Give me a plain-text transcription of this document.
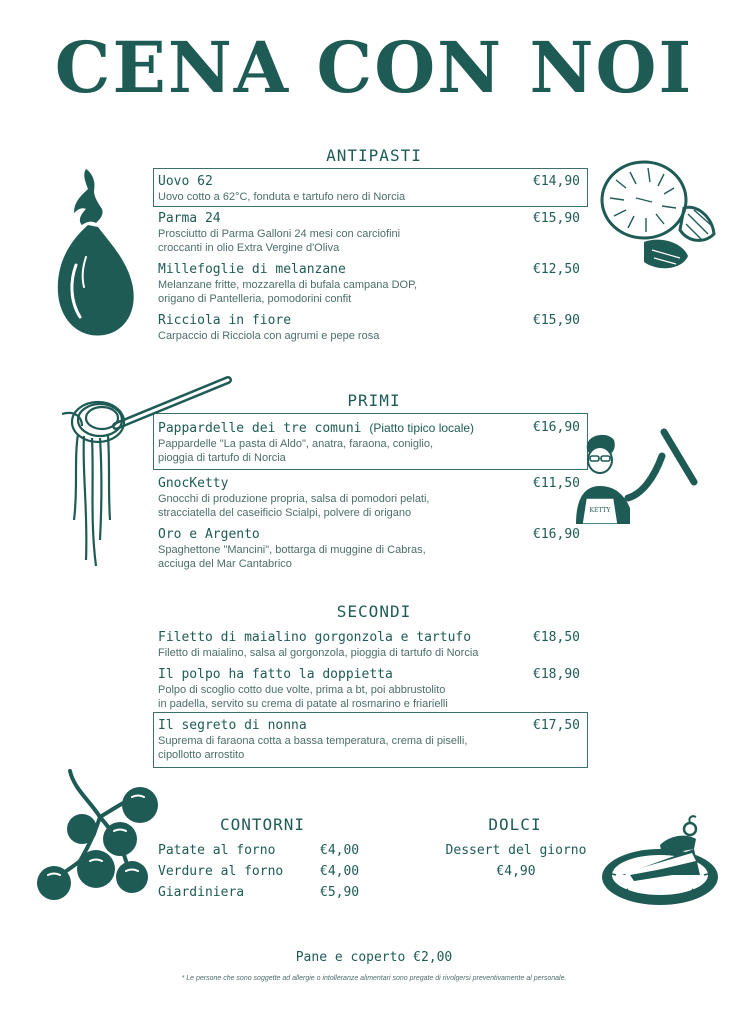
CENA CON NOI
ANTIPASTI
Uovo 62	€14,90
Uovo cotto a 62°C, fonduta e tartufo nero di Norcia
Parma 24	€15,90
Prosciutto di Parma Galloni 24 mesi con carciofini
croccanti in olio Extra Vergine d'Oliva
Millefoglie di melanzane	€12,50
Melanzane fritte, mozzarella di bufala campana DOP,
origano di Pantelleria, pomodorini confit
Ricciola in fiore	€15,90
Carpaccio di Ricciola con agrumi e pepe rosa
PRIMI
Pappardelle dei tre comuni (Piatto tipico locale)	€16,90
Pappardelle "La pasta di Aldo", anatra, faraona, coniglio,
pioggia di tartufo di Norcia
GnocKetty	€11,50
Gnocchi di produzione propria, salsa di pomodori pelati,
stracciatella del caseificio Scialpi, polvere di origano
Oro e Argento	€16,90
Spaghettone "Mancini", bottarga di muggine di Cabras,
acciuga del Mar Cantabrico
SECONDI
Filetto di maialino gorgonzola e tartufo	€18,50
Filetto di maialino, salsa al gorgonzola, pioggia di tartufo di Norcia
Il polpo ha fatto la doppietta	€18,90
Polpo di scoglio cotto due volte, prima a bt, poi abbrustolito
in padella, servito su crema di patate al rosmarino e friarielli
Il segreto di nonna	€17,50
Suprema di faraona cotta a bassa temperatura, crema di piselli,
cipollotto arrostito
CONTORNI
Patate al forno	€4,00
Verdure al forno	€4,00
Giardiniera	€5,90
DOLCI
Dessert del giorno
€4,90
Pane e coperto €2,00
* Le persone che sono soggette ad allergie o intolleranze alimentari sono pregate di rivolgersi preventivamente al personale.
KETTY
